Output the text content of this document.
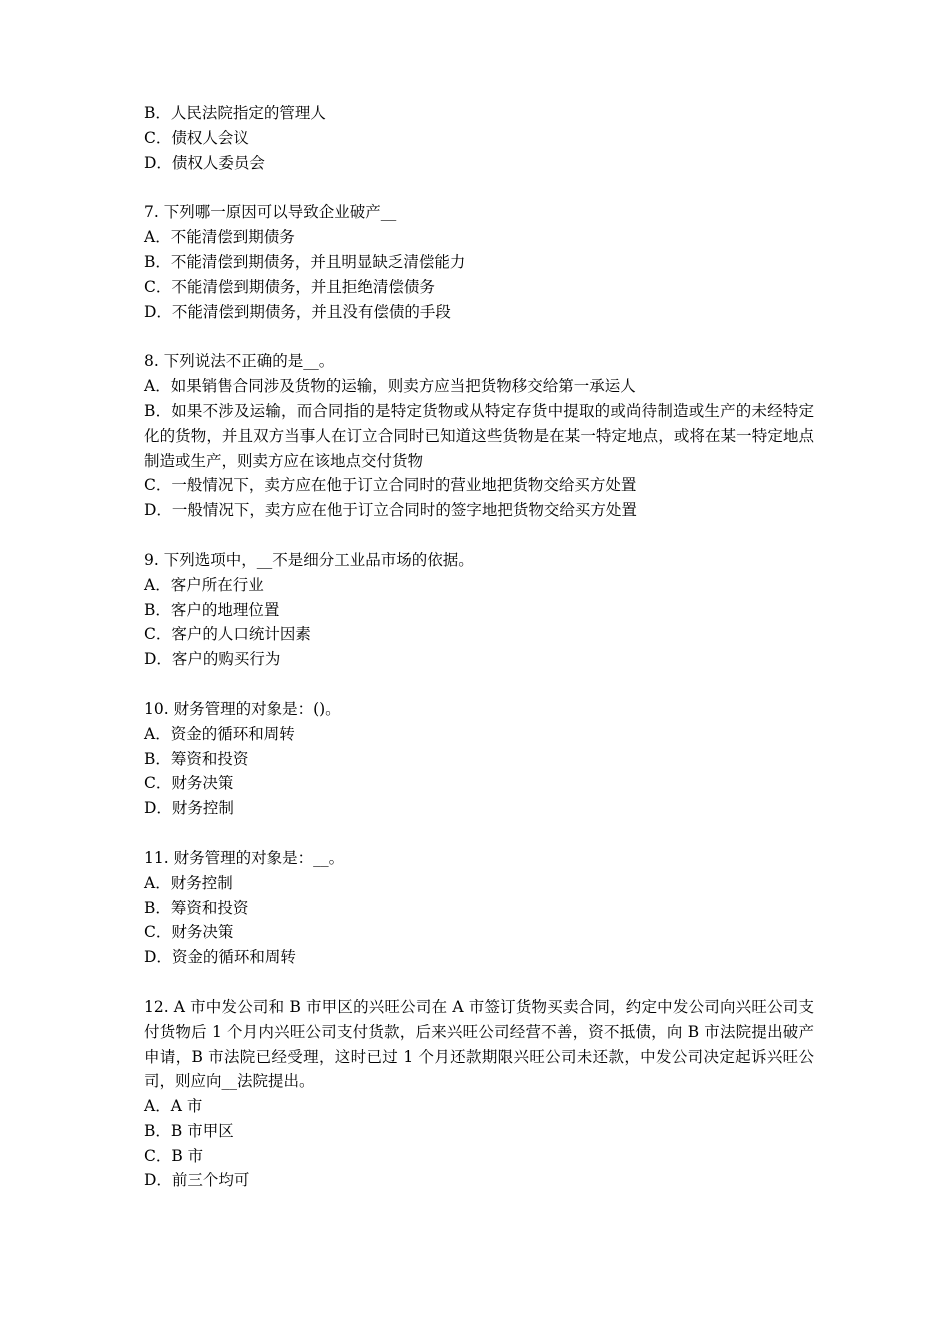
B．人民法院指定的管理人
C．债权人会议
D．债权人委员会
7. 下列哪一原因可以导致企业破产__
A．不能清偿到期债务
B．不能清偿到期债务，并且明显缺乏清偿能力
C．不能清偿到期债务，并且拒绝清偿债务
D．不能清偿到期债务，并且没有偿债的手段
8. 下列说法不正确的是__。
A．如果销售合同涉及货物的运输，则卖方应当把货物移交给第一承运人
B．如果不涉及运输，而合同指的是特定货物或从特定存货中提取的或尚待制造或生产的未经特定化的货物，并且双方当事人在订立合同时已知道这些货物是在某一特定地点，或将在某一特定地点制造或生产，则卖方应在该地点交付货物
C．一般情况下，卖方应在他于订立合同时的营业地把货物交给买方处置
D．一般情况下，卖方应在他于订立合同时的签字地把货物交给买方处置
9. 下列选项中，__不是细分工业品市场的依据。
A．客户所在行业
B．客户的地理位置
C．客户的人口统计因素
D．客户的购买行为
10. 财务管理的对象是：()。
A．资金的循环和周转
B．筹资和投资
C．财务决策
D．财务控制
11. 财务管理的对象是：__。
A．财务控制
B．筹资和投资
C．财务决策
D．资金的循环和周转
12. A 市中发公司和 B 市甲区的兴旺公司在 A 市签订货物买卖合同，约定中发公司向兴旺公司支付货物后 1 个月内兴旺公司支付货款，后来兴旺公司经营不善，资不抵债，向 B 市法院提出破产申请，B 市法院已经受理，这时已过 1 个月还款期限兴旺公司未还款，中发公司决定起诉兴旺公司，则应向__法院提出。
A．A 市
B．B 市甲区
C．B 市
D．前三个均可
